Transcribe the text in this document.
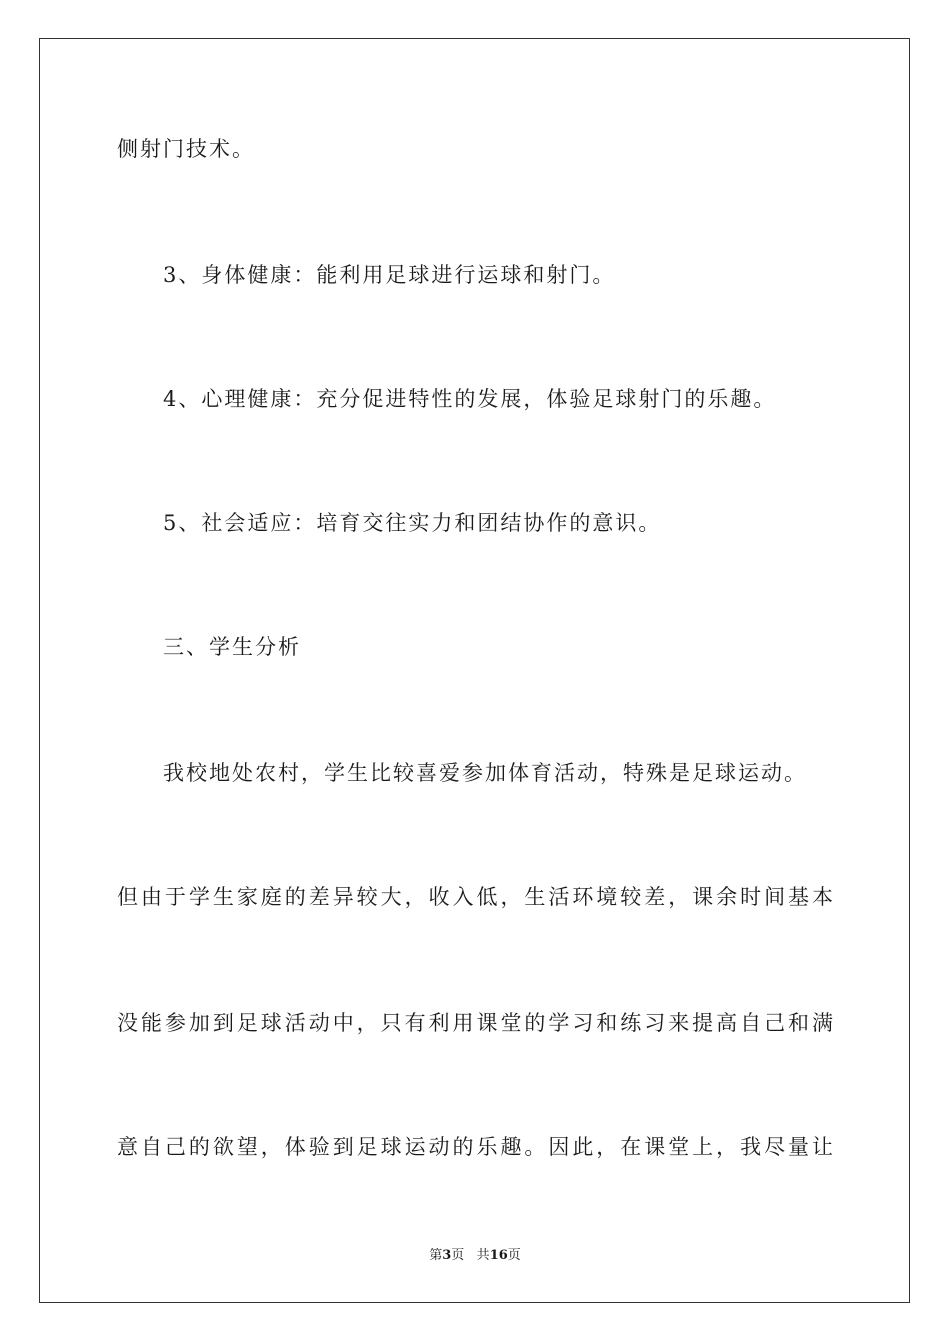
侧射门技术。
3、身体健康：能利用足球进行运球和射门。
4、心理健康：充分促进特性的发展，体验足球射门的乐趣。
5、社会适应：培育交往实力和团结协作的意识。
三、学生分析
我校地处农村，学生比较喜爱参加体育活动，特殊是足球运动。
但由于学生家庭的差异较大，收入低，生活环境较差，课余时间基本
没能参加到足球活动中，只有利用课堂的学习和练习来提高自己和满
意自己的欲望，体验到足球运动的乐趣。因此，在课堂上，我尽量让
第3页 共16页
